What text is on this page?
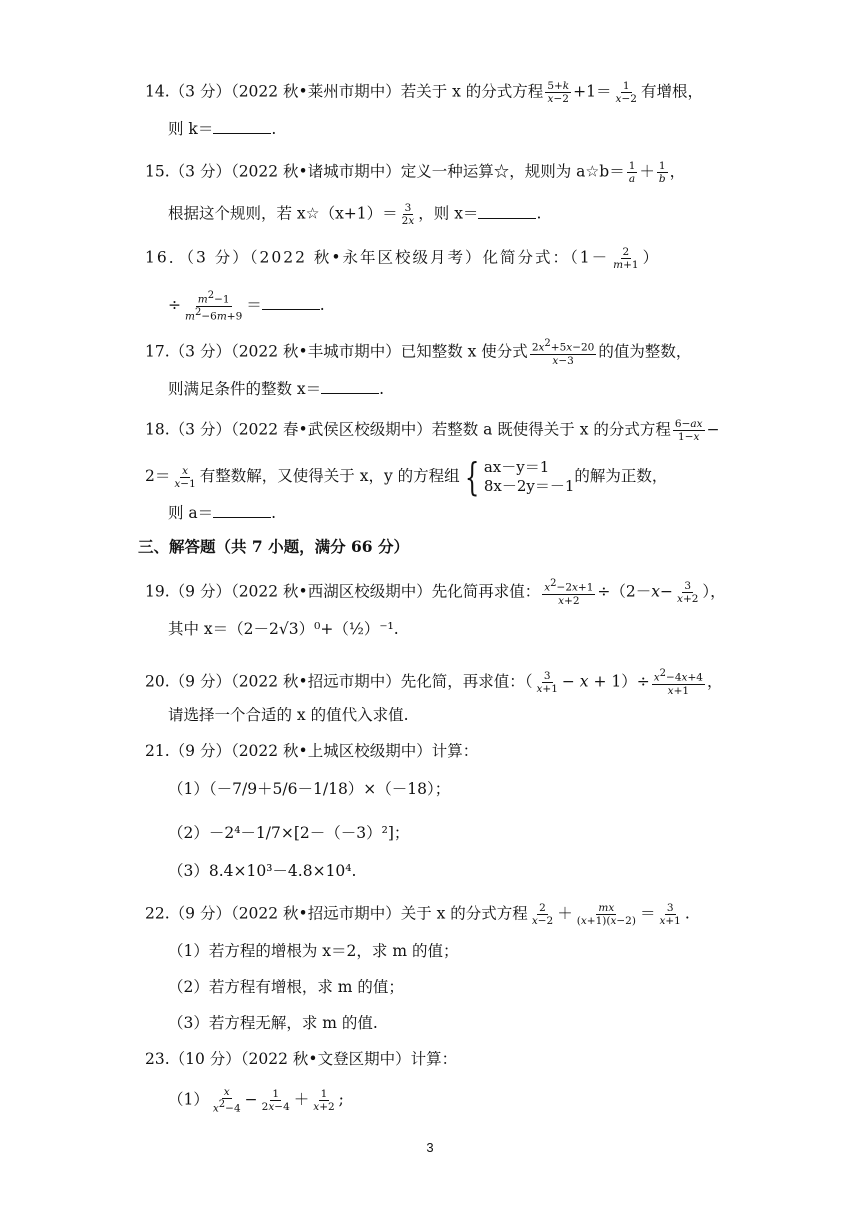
14.（3 分）（2022 秋•莱州市期中）若关于 x 的分式方程 $\frac{5+k}{x-2} +1= \frac{1}{x-2}$ 有增根，
则 k＝	.
15.（3 分）（2022 秋•诸城市期中）定义一种运算☆，规则为 a☆b＝ $\frac{1}{a} + \frac{1}{b}$ ，
根据这个规则，若 x☆（x+1）＝ $\frac{3}{2x}$ ，则 x＝	.
16．（3 分）（2022 秋•永年区校级月考）化简分式：（$1- \frac{2}{m+1}$ ）
÷ $\frac{m^2-1}{m^2-6m+9}$ ＝	.
17.（3 分）（2022 秋•丰城市期中）已知整数 x 使分式 $\frac{2x^2+5x-20}{x-3}$ 的值为整数，
则满足条件的整数 x＝	.
18.（3 分）（2022 春•武侯区校级期中）若整数 a 既使得关于 x 的分式方程 $\frac{6-ax}{1-x}$ −
$2= \frac{x}{x-1}$ 有整数解，又使得关于 x，y 的方程组 { ax－y＝1
8x－2y＝－1
的解为正数，
则 a＝	.
三、解答题（共 7 小题，满分 66 分）
19.（9 分）（2022 秋•西湖区校级期中）先化简再求值： $\frac{x^2-2x+1}{x+2} \div(2-x- \frac{3}{x+2}$ ），
其中 x＝（2－2√3）⁰+（½）⁻¹.
20.（9 分）（2022 秋•招远市期中）先化简，再求值：（ $\frac{3}{x+1} - x + 1)\div \frac{x^2-4x+4}{x+1}$ ，
请选择一个合适的 x 的值代入求值.
21.（9 分）（2022 秋•上城区校级期中）计算：
（1）（－7/9＋5/6－1/18）×（－18）；
（2）－2⁴－1/7×[2－（－3）²]；
（3）8.4×10³－4.8×10⁴.
22.（9 分）（2022 秋•招远市期中）关于 x 的分式方程 $\frac{2}{x-2} + \frac{mx}{(x+1)(x-2)} = \frac{3}{x+1}$ .
（1）若方程的增根为 x＝2，求 m 的值；
（2）若方程有增根，求 m 的值；
（3）若方程无解，求 m 的值.
23.（10 分）（2022 秋•文登区期中）计算：
$(1) \frac{x}{x^2-4} - \frac{1}{2x-4} + \frac{1}{x+2}$ ;
3
